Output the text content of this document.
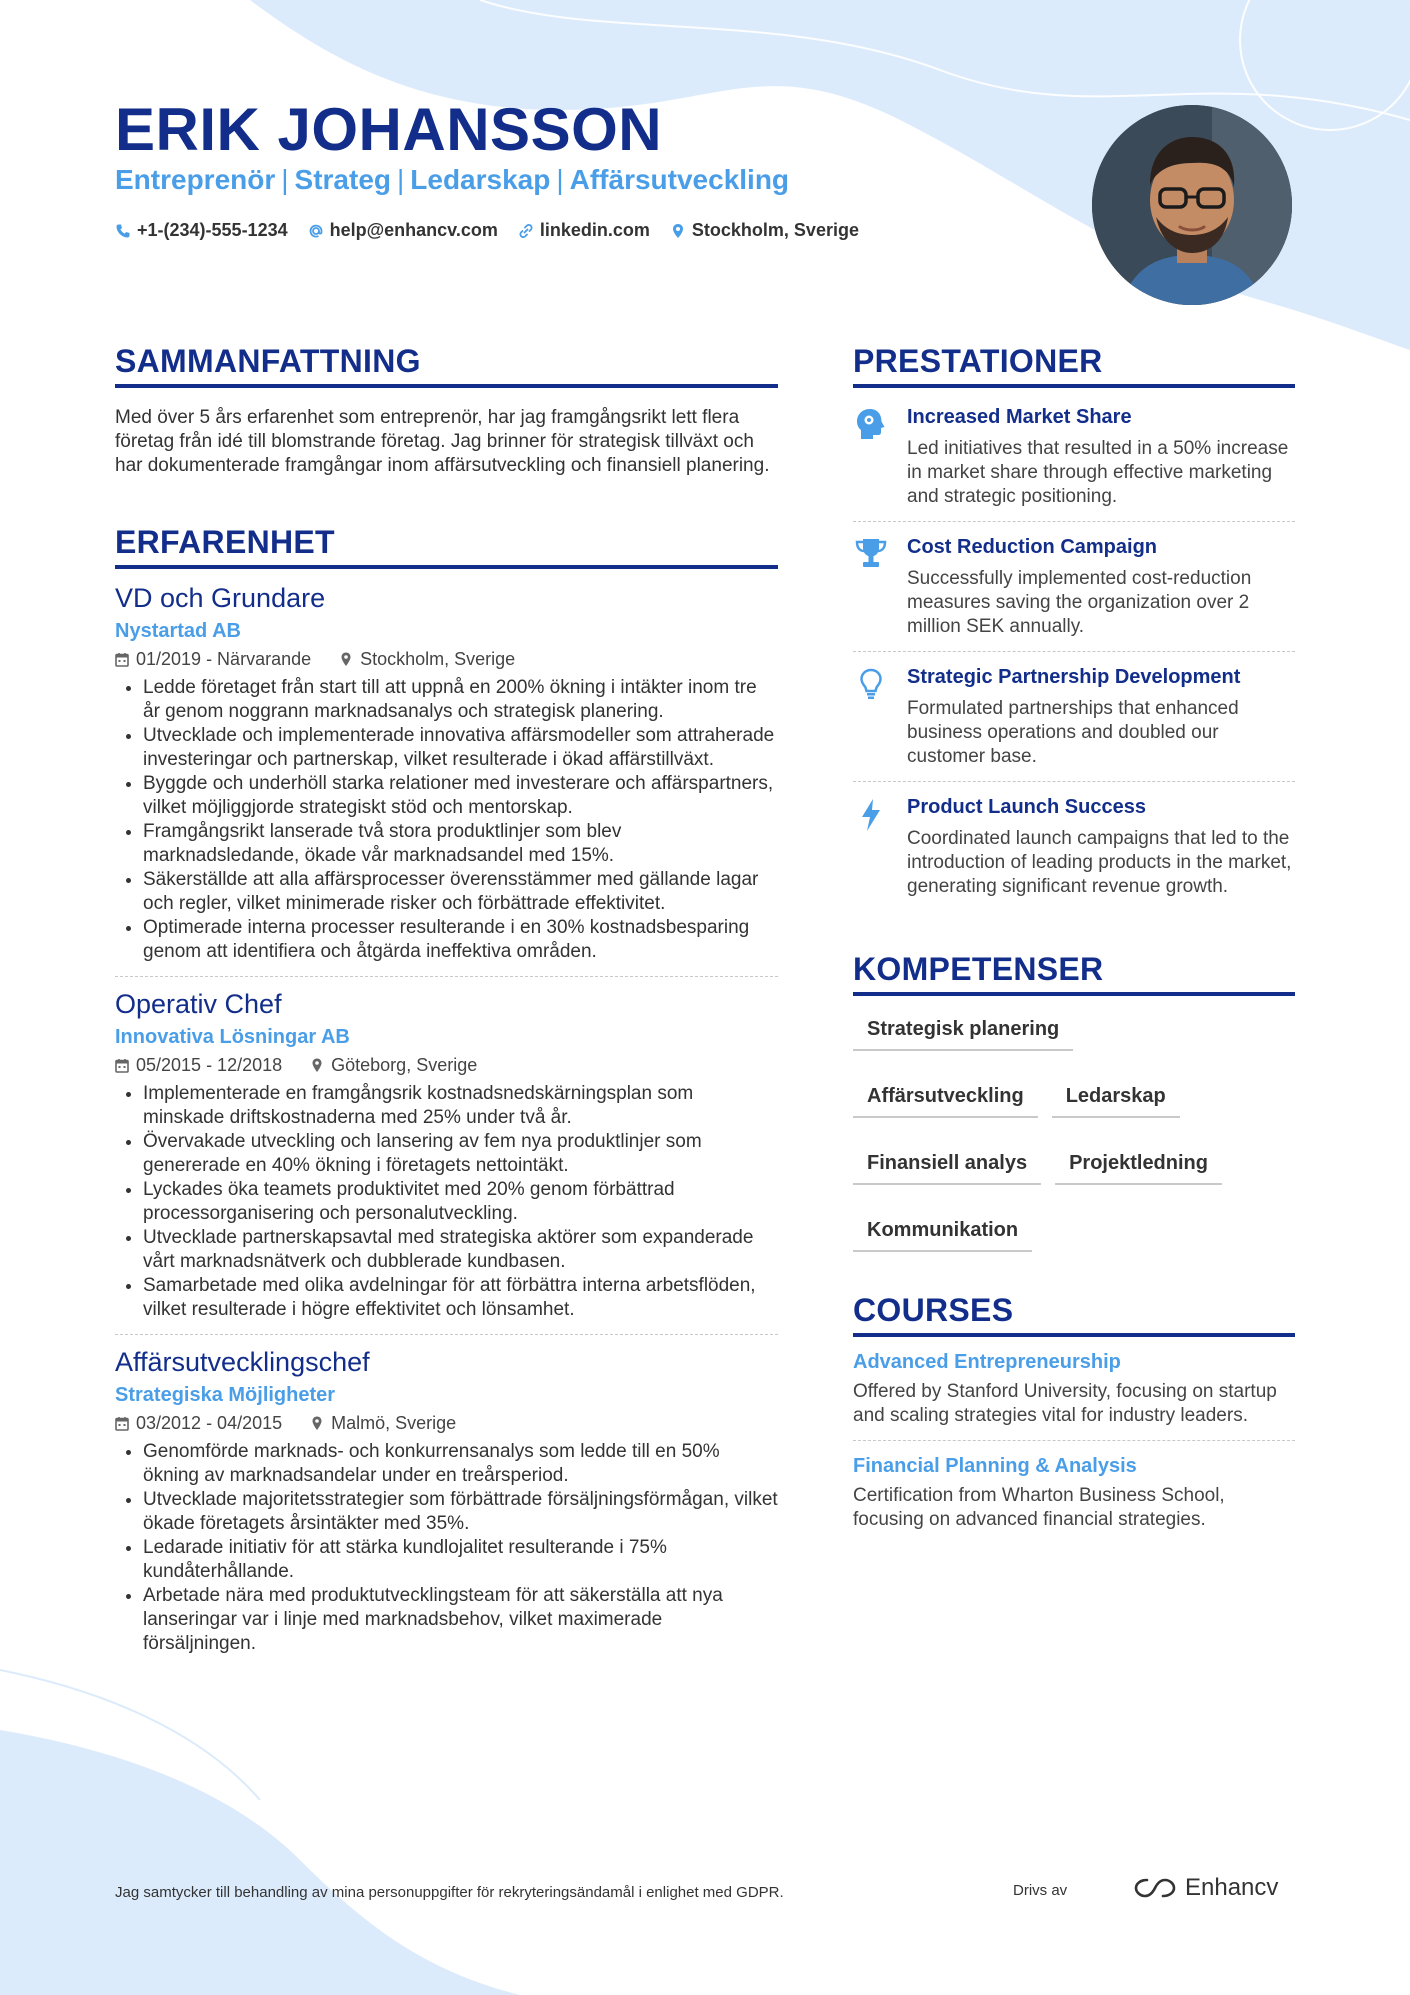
ERIK JOHANSSON
Entreprenör | Strateg | Ledarskap | Affärsutveckling
+1-(234)-555-1234 help@enhancv.com linkedin.com Stockholm, Sverige
SAMMANFATTNING

Med över 5 års erfarenhet som entreprenör, har jag framgångsrikt lett flera företag från idé till blomstrande företag. Jag brinner för strategisk tillväxt och har dokumenterade framgångar inom affärsutveckling och finansiell planering.

ERFARENHET
VD och Grundare
Nystartad AB
01/2019 - Närvarande	Stockholm, Sverige
• Ledde företaget från start till att uppnå en 200% ökning i intäkter inom tre år genom noggrann marknadsanalys och strategisk planering.
• Utvecklade och implementerade innovativa affärsmodeller som attraherade investeringar och partnerskap, vilket resulterade i ökad affärstillväxt.
• Byggde och underhöll starka relationer med investerare och affärspartners, vilket möjliggjorde strategiskt stöd och mentorskap.
• Framgångsrikt lanserade två stora produktlinjer som blev marknadsledande, ökade vår marknadsandel med 15%.
• Säkerställde att alla affärsprocesser överensstämmer med gällande lagar och regler, vilket minimerade risker och förbättrade effektivitet.
• Optimerade interna processer resulterande i en 30% kostnadsbesparing genom att identifiera och åtgärda ineffektiva områden.
Operativ Chef
Innovativa Lösningar AB
05/2015 - 12/2018	Göteborg, Sverige
• Implementerade en framgångsrik kostnadsnedskärningsplan som minskade driftskostnaderna med 25% under två år.
• Övervakade utveckling och lansering av fem nya produktlinjer som genererade en 40% ökning i företagets nettointäkt.
• Lyckades öka teamets produktivitet med 20% genom förbättrad processorganisering och personalutveckling.
• Utvecklade partnerskapsavtal med strategiska aktörer som expanderade vårt marknadsnätverk och dubblerade kundbasen.
• Samarbetade med olika avdelningar för att förbättra interna arbetsflöden, vilket resulterade i högre effektivitet och lönsamhet.
Affärsutvecklingschef
Strategiska Möjligheter
03/2012 - 04/2015	Malmö, Sverige
• Genomförde marknads- och konkurrensanalys som ledde till en 50% ökning av marknadsandelar under en treårsperiod.
• Utvecklade majoritetsstrategier som förbättrade försäljningsförmågan, vilket ökade företagets årsintäkter med 35%.
• Ledarade initiativ för att stärka kundlojalitet resulterande i 75% kundåterhållande.
• Arbetade nära med produktutvecklingsteam för att säkerställa att nya lanseringar var i linje med marknadsbehov, vilket maximerade försäljningen.
PRESTATIONER
Increased Market Share
Led initiatives that resulted in a 50% increase in market share through effective marketing and strategic positioning.
Cost Reduction Campaign
Successfully implemented cost-reduction measures saving the organization over 2 million SEK annually.
Strategic Partnership Development
Formulated partnerships that enhanced business operations and doubled our customer base.
Product Launch Success
Coordinated launch campaigns that led to the introduction of leading products in the market, generating significant revenue growth.
KOMPETENSER
Strategisk planering
Affärsutveckling	Ledarskap
Finansiell analys	Projektledning
Kommunikation
COURSES
Advanced Entrepreneurship
Offered by Stanford University, focusing on startup and scaling strategies vital for industry leaders.
Financial Planning & Analysis
Certification from Wharton Business School, focusing on advanced financial strategies.
Jag samtycker till behandling av mina personuppgifter för rekryteringsändamål i enlighet med GDPR.	Drivs av	Enhancv
